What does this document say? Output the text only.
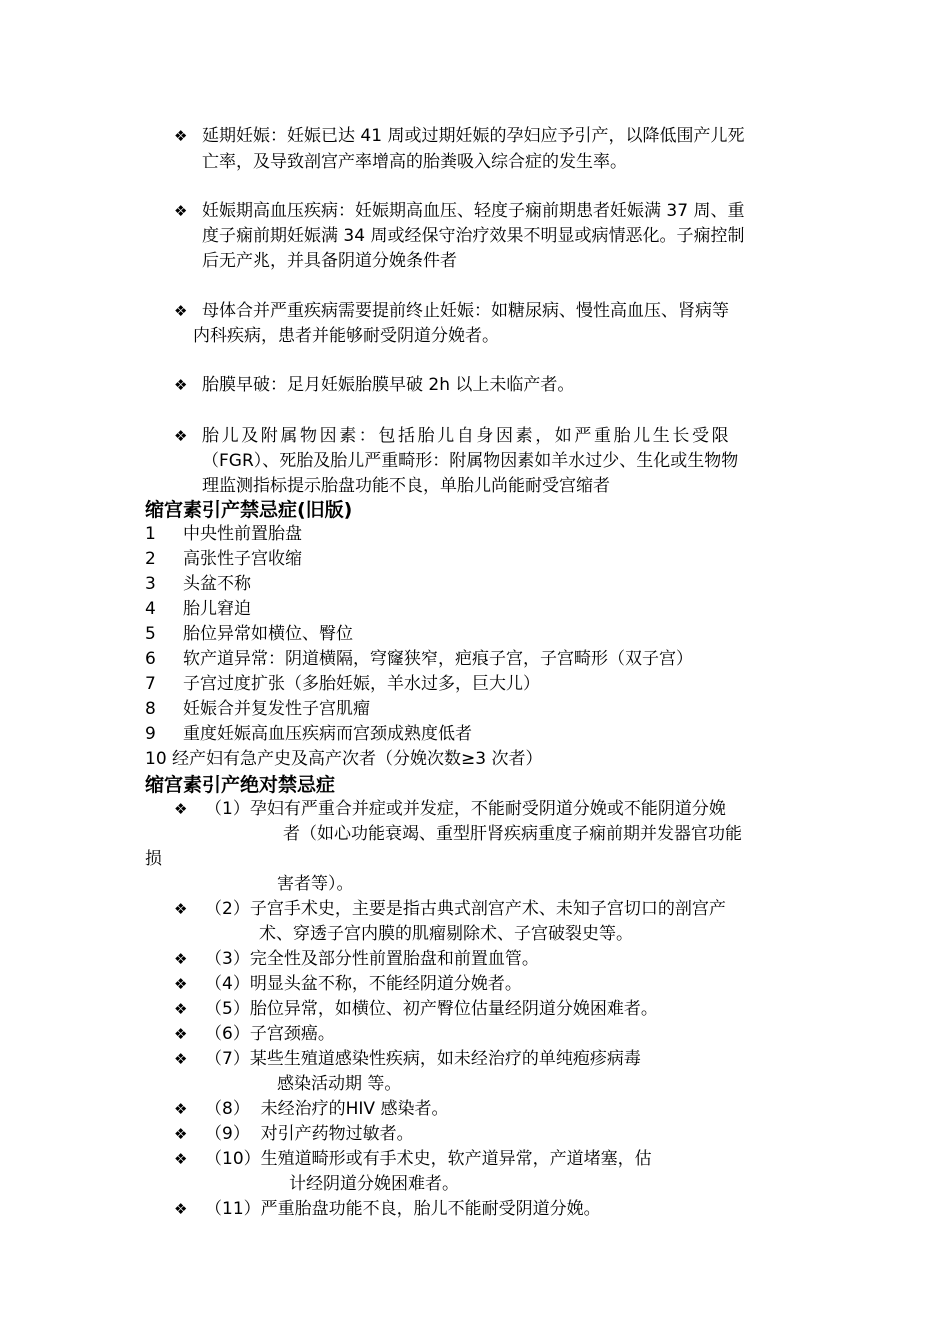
❖ 延期妊娠：妊娠已达 41 周或过期妊娠的孕妇应予引产，以降低围产儿死
亡率，及导致剖宫产率增高的胎粪吸入综合症的发生率。
❖ 妊娠期高血压疾病：妊娠期高血压、轻度子痫前期患者妊娠满 37 周、重
度子痫前期妊娠满 34 周或经保守治疗效果不明显或病情恶化。子痫控制
后无产兆，并具备阴道分娩条件者
❖ 母体合并严重疾病需要提前终止妊娠：如糖尿病、慢性高血压、肾病等
内科疾病，患者并能够耐受阴道分娩者。
❖ 胎膜早破：足月妊娠胎膜早破 2h 以上未临产者。
❖ 胎儿及附属物因素：包括胎儿自身因素，如严重胎儿生长受限
（FGR）、死胎及胎儿严重畸形：附属物因素如羊水过少、生化或生物物
理监测指标提示胎盘功能不良，单胎儿尚能耐受宫缩者
缩宫素引产禁忌症(旧版)
1 中央性前置胎盘
2 高张性子宫收缩
3 头盆不称
4 胎儿窘迫
5 胎位异常如横位、臀位
6 软产道异常：阴道横隔，穹窿狭窄，疤痕子宫，子宫畸形（双子宫）
7 子宫过度扩张（多胎妊娠，羊水过多，巨大儿）
8 妊娠合并复发性子宫肌瘤
9 重度妊娠高血压疾病而宫颈成熟度低者
10 经产妇有急产史及高产次者（分娩次数≥3 次者）
缩宫素引产绝对禁忌症
❖ （1）孕妇有严重合并症或并发症，不能耐受阴道分娩或不能阴道分娩
者（如心功能衰竭、重型肝肾疾病重度子痫前期并发器官功能
损
害者等）。
❖ （2）子宫手术史，主要是指古典式剖宫产术、未知子宫切口的剖宫产
术、穿透子宫内膜的肌瘤剔除术、子宫破裂史等。
❖ （3）完全性及部分性前置胎盘和前置血管。
❖ （4）明显头盆不称，不能经阴道分娩者。
❖ （5）胎位异常，如横位、初产臀位估量经阴道分娩困难者。
❖ （6）子宫颈癌。
❖ （7）某些生殖道感染性疾病，如未经治疗的单纯疱疹病毒
感染活动期 等。
❖ （8）  未经治疗的HIV 感染者。
❖ （9）  对引产药物过敏者。
❖ （10）生殖道畸形或有手术史，软产道异常，产道堵塞，估
计经阴道分娩困难者。
❖ （11）严重胎盘功能不良，胎儿不能耐受阴道分娩。
